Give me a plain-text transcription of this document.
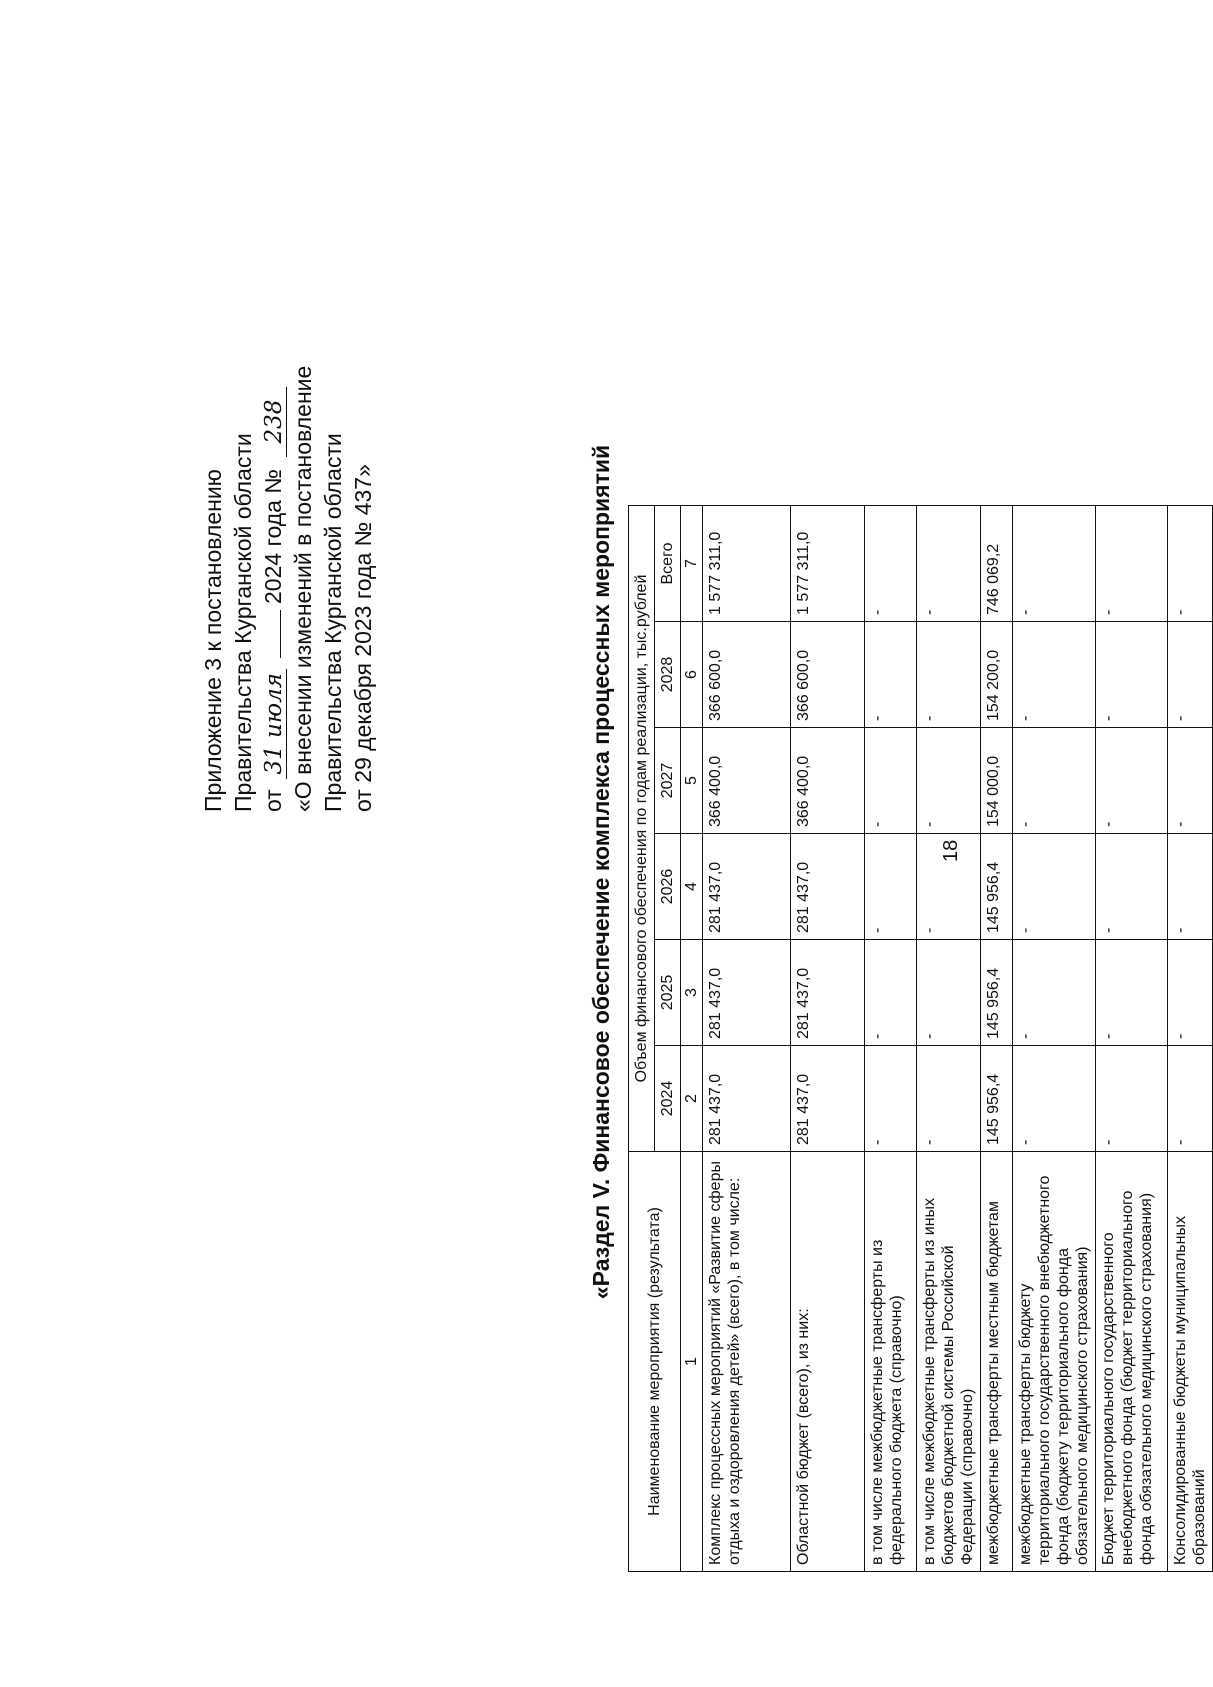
18
Приложение 3 к постановлению Правительства Курганской области от 31 июля  2024 года № 238 «О внесении изменений в постановление Правительства Курганской области от 29 декабря 2023 года № 437»	«Раздел V. Финансовое обеспечение комплекса процессных мероприятий
Наименование мероприятия (результата)	Объем финансового обеспечения по годам реализации, тыс.рублей					
	2024	2025	2026	2027	2028	Всего
1	2	3	4	5	6	7
Комплекс процессных мероприятий «Развитие сферы отдыха и оздоровления детей» (всего), в том числе:	281 437,0	281 437,0	281 437,0	366 400,0	366 600,0	1 577 311,0
Областной бюджет (всего), из них:	281 437,0	281 437,0	281 437,0	366 400,0	366 600,0	1 577 311,0
в том числе межбюджетные трансферты из федерального бюджета (справочно)	-	-	-	-	-	-
в том числе межбюджетные трансферты из иных бюджетов бюджетной системы Российской Федерации (справочно)	-	-	-	-	-	-
межбюджетные трансферты местным бюджетам	145 956,4	145 956,4	145 956,4	154 000,0	154 200,0	746 069,2
межбюджетные трансферты бюджету территориального государственного внебюджетного фонда (бюджету территориального фонда обязательного медицинского страхования)	-	-	-	-	-	-
Бюджет территориального государственного внебюджетного фонда (бюджет территориального фонда обязательного медицинского страхования)	-	-	-	-	-	-
Консолидированные бюджеты муниципальных образований	-	-	-	-	-	-
